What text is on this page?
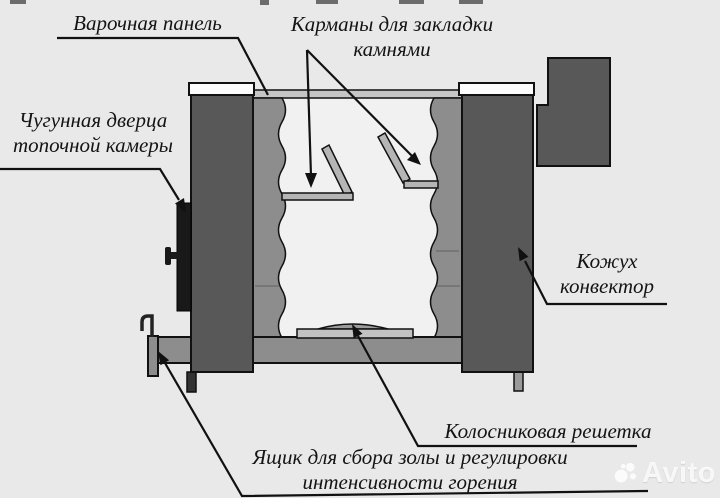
Варочная панель	Карманы для закладки
камнями
Чугунная дверца
топочной камеры
Кожух
конвектор
Колосниковая решетка
Ящик для сбора золы и регулировки
интенсивности горения	Avito
